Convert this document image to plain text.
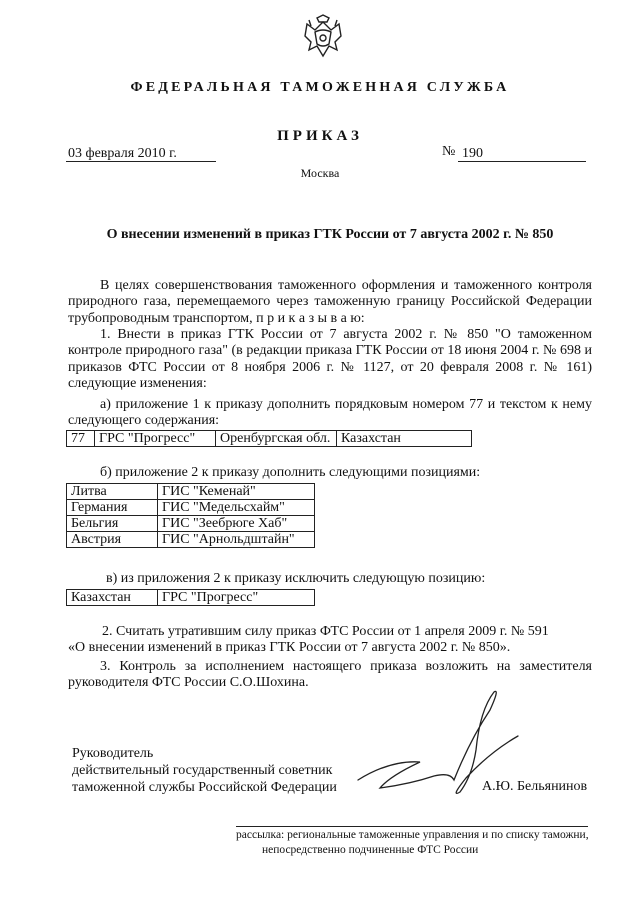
ФЕДЕРАЛЬНАЯ ТАМОЖЕННАЯ СЛУЖБА
ПРИКАЗ
03 февраля 2010 г.	№ 190
Москва
О внесении изменений в приказ ГТК России от 7 августа 2002 г. № 850
В целях совершенствования таможенного оформления и таможенного контроля природного газа, перемещаемого через таможенную границу Российской Федерации трубопроводным транспортом, п р и к а з ы в а ю:
1. Внести в приказ ГТК России от 7 августа 2002 г. № 850 "О таможенном контроле природного газа" (в редакции приказа ГТК России от 18 июня 2004 г. № 698 и приказов ФТС России от 8 ноября 2006 г. № 1127, от 20 февраля 2008 г. № 161) следующие изменения:
а) приложение 1 к приказу дополнить порядковым номером 77 и текстом к нему следующего содержания:
77	ГРС "Прогресс"	Оренбургская обл.	Казахстан
б) приложение 2 к приказу дополнить следующими позициями:
Литва	ГИС "Кеменай"
Германия	ГИС "Медельсхайм"
Бельгия	ГИС "Зеебрюге Хаб"
Австрия	ГИС "Арнольдштайн"
в) из приложения 2 к приказу исключить следующую позицию:
Казахстан	ГРС "Прогресс"
2. Считать утратившим силу приказ ФТС России от 1 апреля 2009 г. № 591
«О внесении изменений в приказ ГТК России от 7 августа 2002 г. № 850».
3. Контроль за исполнением настоящего приказа возложить на заместителя руководителя ФТС России С.О.Шохина.
Руководитель
действительный государственный советник
таможенной службы Российской Федерации	А.Ю. Бельянинов
рассылка: региональные таможенные управления и по списку таможни,
непосредственно подчиненные ФТС России
